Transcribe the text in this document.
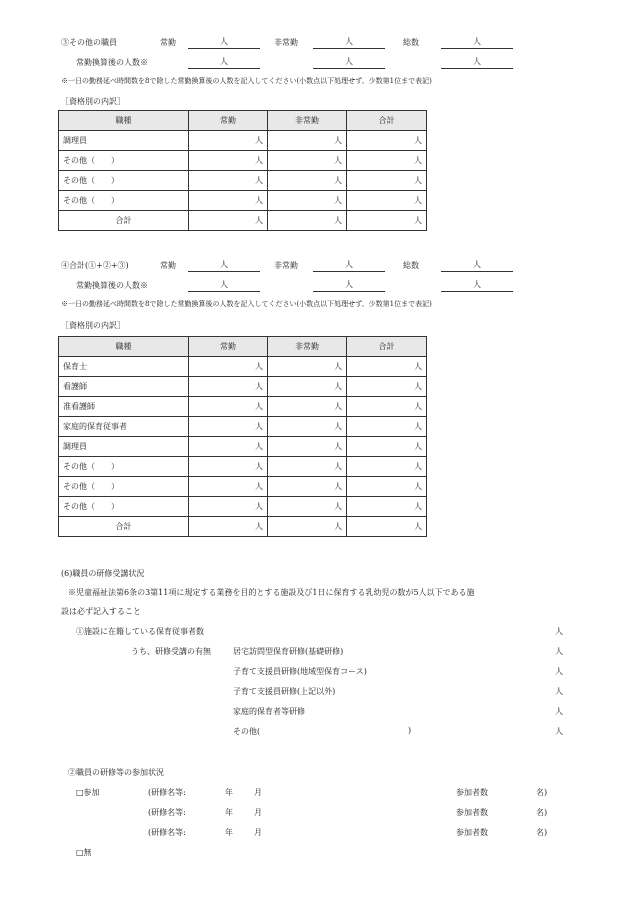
③その他の職員	常勤	人	非常勤	人	総数	人
常勤換算後の人数※	人	人	人
※一日の勤務延べ時間数を8で除した常勤換算後の人数を記入してください(小数点以下処理せず、少数第1位まで表記)
［資格別の内訳］
職種	常勤	非常勤	合計
調理員	人	人	人
その他（　　）	人	人	人
その他（　　）	人	人	人
その他（　　）	人	人	人
合計	人	人	人
④合計(①+②+③)	常勤	人	非常勤	人	総数	人
常勤換算後の人数※	人	人	人
※一日の勤務延べ時間数を8で除した常勤換算後の人数を記入してください(小数点以下処理せず、少数第1位まで表記)
［資格別の内訳］
職種	常勤	非常勤	合計
保育士	人	人	人
看護師	人	人	人
准看護師	人	人	人
家庭的保育従事者	人	人	人
調理員	人	人	人
その他（　　）	人	人	人
その他（　　）	人	人	人
その他（　　）	人	人	人
合計	人	人	人
(6)職員の研修受講状況
※児童福祉法第6条の3第11項に規定する業務を目的とする施設及び1日に保育する乳幼児の数が5人以下である施
設は必ず記入すること
①施設に在籍している保育従事者数	人
うち、研修受講の有無	居宅訪問型保育研修(基礎研修)	人
子育て支援員研修(地域型保育コース)	人
子育て支援員研修(上記以外)	人
家庭的保育者等研修	人
その他(	)	人
②職員の研修等の参加状況
□参加	(研修名等:	年	月	参加者数	名)
(研修名等:	年	月	参加者数	名)
(研修名等:	年	月	参加者数	名)
□無
